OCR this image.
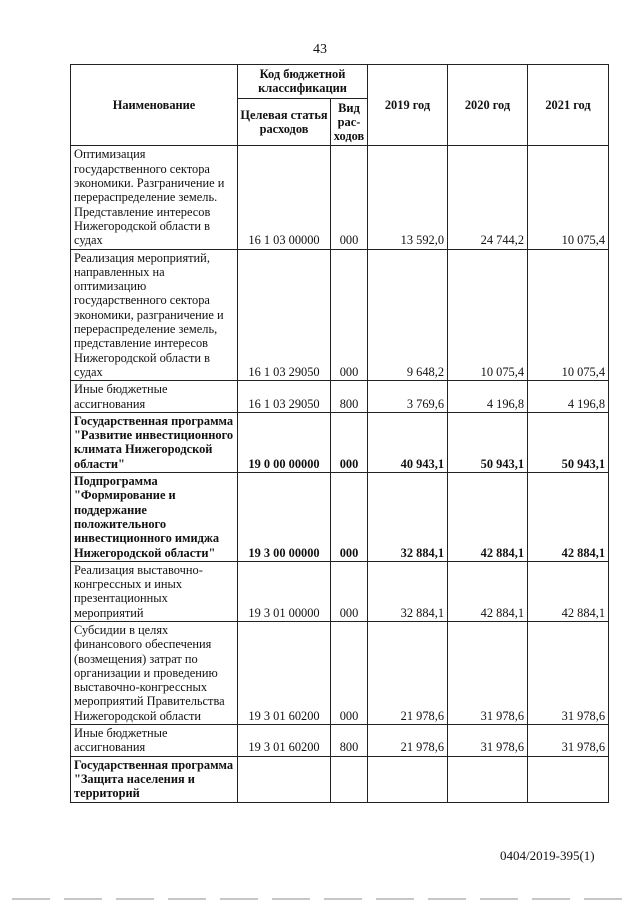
43
Наименование	Код бюджетной классификации		2019 год	2020 год	2021 год
	Целевая статья расходов	Вид рас-ходов			
Оптимизация государственного сектора экономики. Разграничение и перераспределение земель. Представление интересов Нижегородской области в судах	16 1 03 00000	000	13 592,0	24 744,2	10 075,4
Реализация мероприятий, направленных на оптимизацию государственного сектора экономики, разграничение и перераспределение земель, представление интересов Нижегородской области в судах	16 1 03 29050	000	9 648,2	10 075,4	10 075,4
Иные бюджетные ассигнования	16 1 03 29050	800	3 769,6	4 196,8	4 196,8
Государственная программа "Развитие инвестиционного климата Нижегородской области"	19 0 00 00000	000	40 943,1	50 943,1	50 943,1
Подпрограмма "Формирование и поддержание положительного инвестиционного имиджа Нижегородской области"	19 3 00 00000	000	32 884,1	42 884,1	42 884,1
Реализация выставочно-конгрессных и иных презентационных мероприятий	19 3 01 00000	000	32 884,1	42 884,1	42 884,1
Субсидии в целях финансового обеспечения (возмещения) затрат по организации и проведению выставочно-конгрессных мероприятий Правительства Нижегородской области	19 3 01 60200	000	21 978,6	31 978,6	31 978,6
Иные бюджетные ассигнования	19 3 01 60200	800	21 978,6	31 978,6	31 978,6
Государственная программа "Защита населения и территорий					
0404/2019-395(1)
